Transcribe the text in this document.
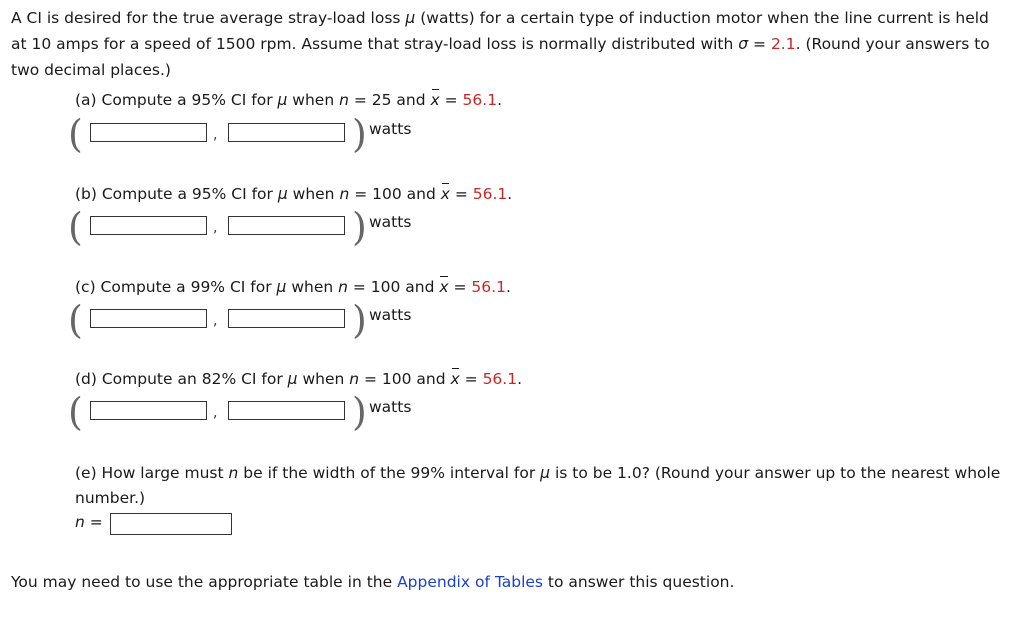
A CI is desired for the true average stray-load loss μ (watts) for a certain type of induction motor when the line current is held at 10 amps for a speed of 1500 rpm. Assume that stray-load loss is normally distributed with σ = 2.1. (Round your answers to two decimal places.)
(a) Compute a 95% CI for μ when n = 25 and x = 56.1.
(	,	) watts
(b) Compute a 95% CI for μ when n = 100 and x = 56.1.
(	,	) watts
(c) Compute a 99% CI for μ when n = 100 and x = 56.1.
(	,	) watts
(d) Compute an 82% CI for μ when n = 100 and x = 56.1.
(	,	) watts
(e) How large must n be if the width of the 99% interval for μ is to be 1.0? (Round your answer up to the nearest whole number.)
n =
You may need to use the appropriate table in the Appendix of Tables to answer this question.
